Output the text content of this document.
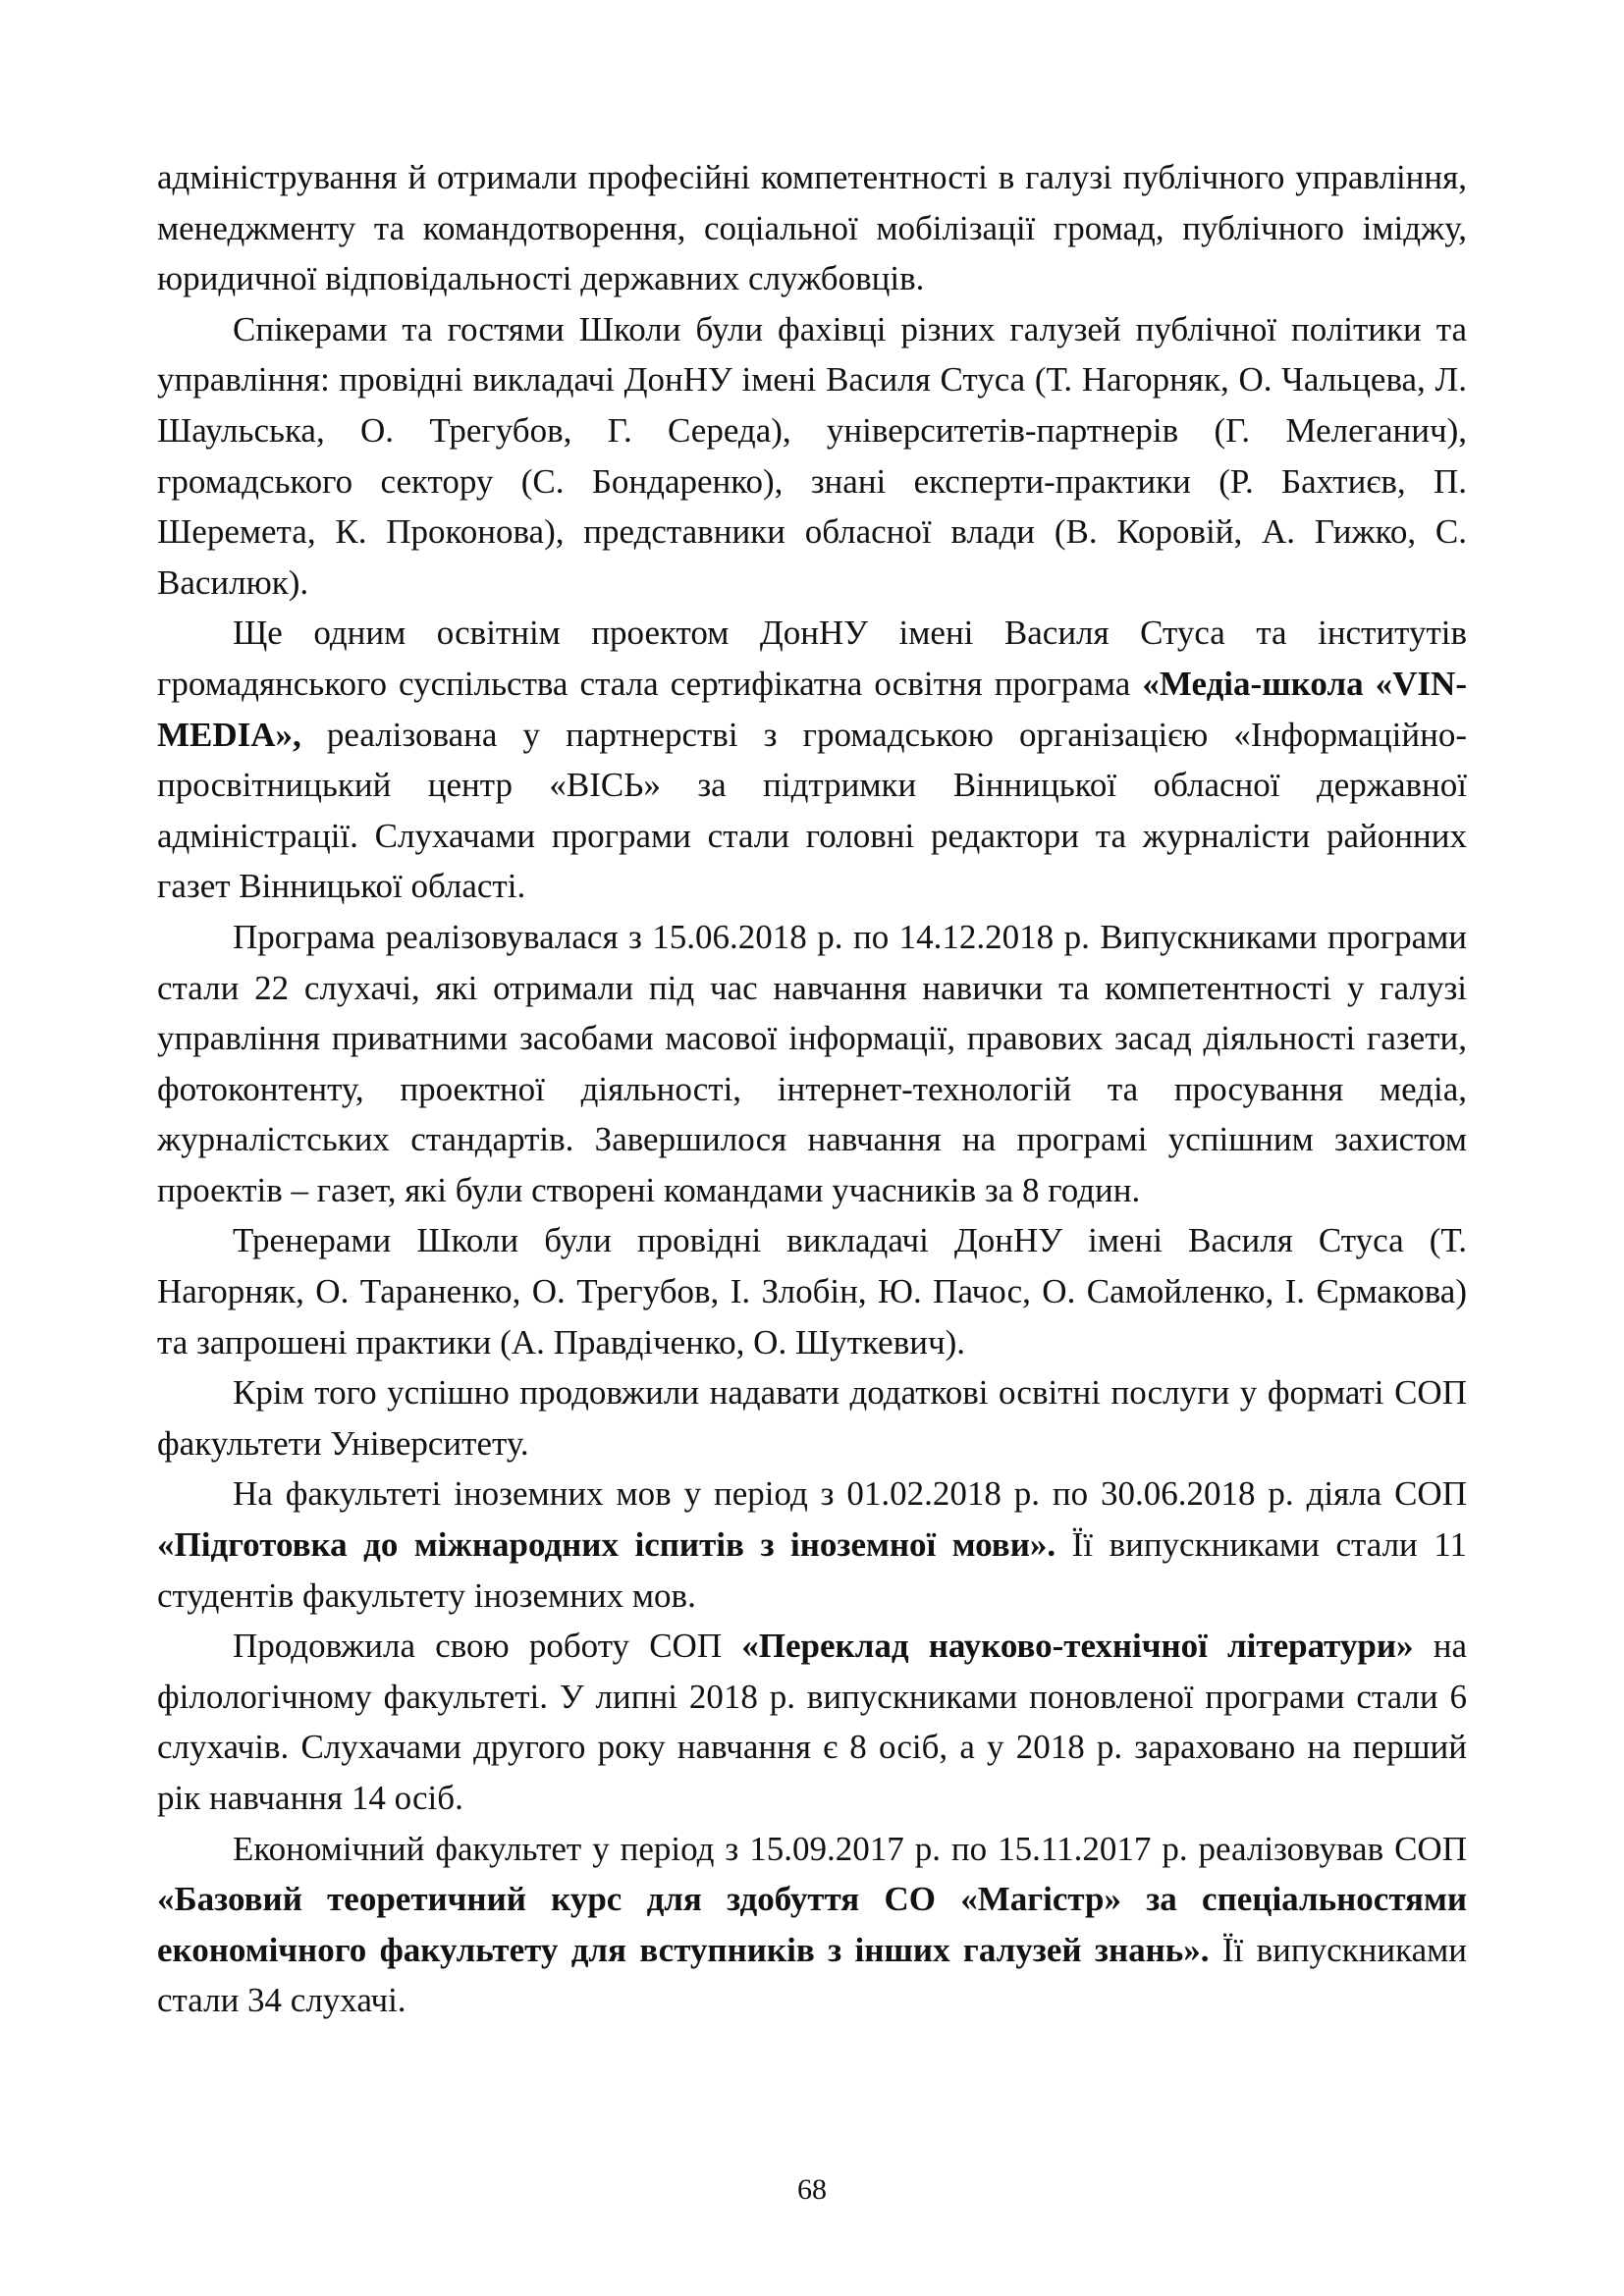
адміністрування й отримали професійні компетентності в галузі публічного управління, менеджменту та командотворення, соціальної мобілізації громад, публічного іміджу, юридичної відповідальності державних службовців.

Спікерами та гостями Школи були фахівці різних галузей публічної політики та управління: провідні викладачі ДонНУ імені Василя Стуса (Т. Нагорняк, О. Чальцева, Л. Шаульська, О. Трегубов, Г. Середа), університетів-партнерів (Г. Мелеганич), громадського сектору (С. Бондаренко), знані експерти-практики (Р. Бахтиєв, П. Шеремета, К. Проконова), представники обласної влади (В. Коровій, А. Гижко, С. Василюк).

Ще одним освітнім проектом ДонНУ імені Василя Стуса та інститутів громадянського суспільства стала сертифікатна освітня програма «Медіа-школа «VIN-MEDIA», реалізована у партнерстві з громадською організацією «Інформаційно-просвітницький центр «ВІСЬ» за підтримки Вінницької обласної державної адміністрації. Слухачами програми стали головні редактори та журналісти районних газет Вінницької області.

Програма реалізовувалася з 15.06.2018 р. по 14.12.2018 р. Випускниками програми стали 22 слухачі, які отримали під час навчання навички та компетентності у галузі управління приватними засобами масової інформації, правових засад діяльності газети, фотоконтенту, проектної діяльності, інтернет-технологій та просування медіа, журналістських стандартів. Завершилося навчання на програмі успішним захистом проектів – газет, які були створені командами учасників за 8 годин.

Тренерами Школи були провідні викладачі ДонНУ імені Василя Стуса (Т. Нагорняк, О. Тараненко, О. Трегубов, І. Злобін, Ю. Пачос, О. Самойленко, І. Єрмакова) та запрошені практики (А. Правдіченко, О. Шуткевич).

Крім того успішно продовжили надавати додаткові освітні послуги у форматі СОП факультети Університету.

На факультеті іноземних мов у період з 01.02.2018 р. по 30.06.2018 р. діяла СОП «Підготовка до міжнародних іспитів з іноземної мови». Її випускниками стали 11 студентів факультету іноземних мов.

Продовжила свою роботу СОП «Переклад науково-технічної літератури» на філологічному факультеті. У липні 2018 р. випускниками поновленої програми стали 6 слухачів. Слухачами другого року навчання є 8 осіб, а у 2018 р. зараховано на перший рік навчання 14 осіб.

Економічний факультет у період з 15.09.2017 р. по 15.11.2017 р. реалізовував СОП «Базовий теоретичний курс для здобуття СО «Магістр» за спеціальностями економічного факультету для вступників з інших галузей знань». Її випускниками стали 34 слухачі.

68
